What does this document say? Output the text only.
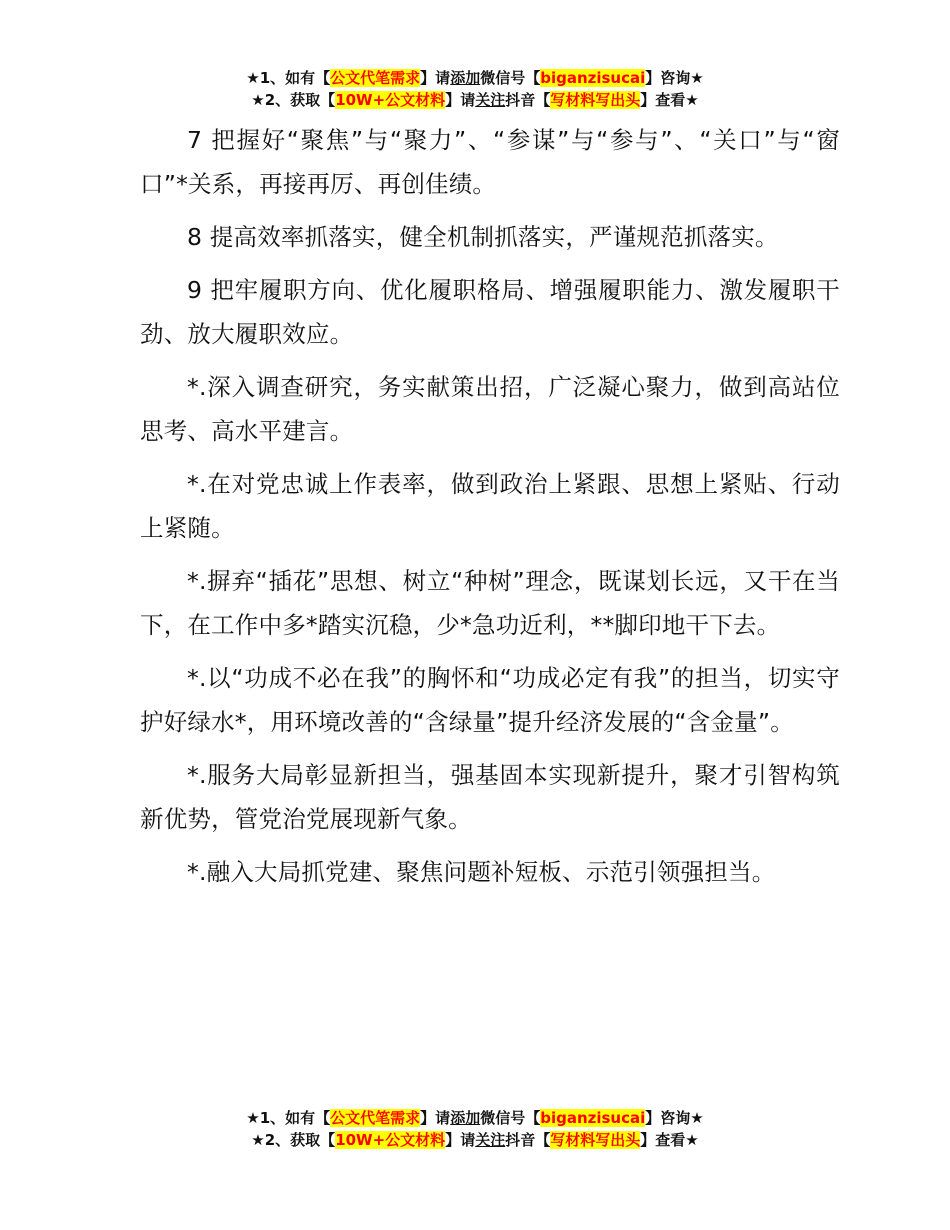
★1、如有【公文代笔需求】请添加微信号【biganzisucai】咨询★
★2、获取【10W+公文材料】请关注抖音【写材料写出头】查看★

7 把握好“聚焦”与“聚力”、“参谋”与“参与”、“关口”与“窗口”*关系，再接再厉、再创佳绩。

8 提高效率抓落实，健全机制抓落实，严谨规范抓落实。

9 把牢履职方向、优化履职格局、增强履职能力、激发履职干劲、放大履职效应。

*.深入调查研究，务实献策出招，广泛凝心聚力，做到高站位思考、高水平建言。

*.在对党忠诚上作表率，做到政治上紧跟、思想上紧贴、行动上紧随。

*.摒弃“插花”思想、树立“种树”理念，既谋划长远，又干在当下，在工作中多*踏实沉稳，少*急功近利，**脚印地干下去。

*.以“功成不必在我”的胸怀和“功成必定有我”的担当，切实守护好绿水*，用环境改善的“含绿量”提升经济发展的“含金量”。

*.服务大局彰显新担当，强基固本实现新提升，聚才引智构筑新优势，管党治党展现新气象。

*.融入大局抓党建、聚焦问题补短板、示范引领强担当。

★1、如有【公文代笔需求】请添加微信号【biganzisucai】咨询★
★2、获取【10W+公文材料】请关注抖音【写材料写出头】查看★
